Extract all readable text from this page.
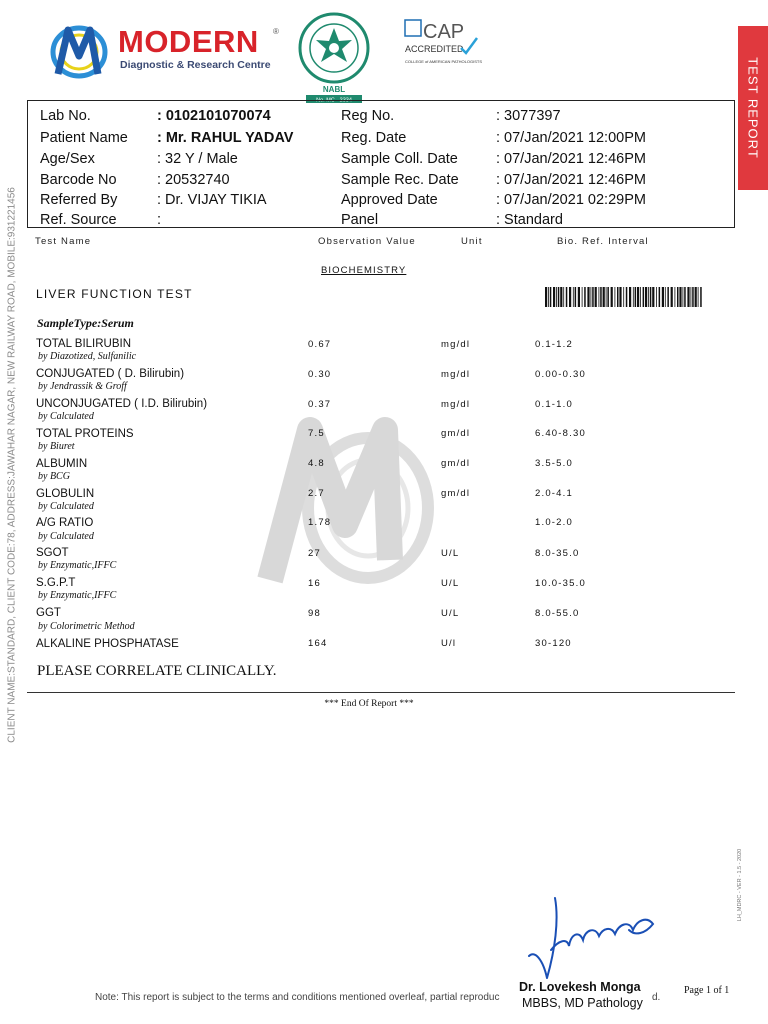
MODERN ®
Diagnostic & Research Centre
NABL
No. MC - 2334
CAP
ACCREDITED
COLLEGE of AMERICAN PATHOLOGISTS	TEST REPORT
CLIENT NAME:STANDARD, CLIENT CODE:78, ADDRESS:JAWAHAR NAGAR, NEW RAILWAY ROAD, MOBILE:931221456
LH_MDRC - VER - 1.5 - 2020
Lab No.	: 0102101070074
Patient Name : Mr. RAHUL YADAV
Age/Sex	: 32 Y / Male
Barcode No	: 20532740
Referred By	: Dr. VIJAY TIKIA
Ref. Source	:
Reg No.	: 3077397
Reg. Date	: 07/Jan/2021 12:00PM
Sample Coll. Date	: 07/Jan/2021 12:46PM
Sample Rec. Date	: 07/Jan/2021 12:46PM
Approved Date	: 07/Jan/2021 02:29PM
Panel	: Standard
Test Name	Observation Value	Unit	Bio. Ref. Interval
BIOCHEMISTRY
LIVER FUNCTION TEST
SampleType:Serum
TOTAL BILIRUBIN
by Diazotized, Sulfanilic
0.67	mg/dl	0.1-1.2
CONJUGATED ( D. Bilirubin)
by Jendrassik & Groff
0.30	mg/dl	0.00-0.30
UNCONJUGATED ( I.D. Bilirubin)
by Calculated
0.37	mg/dl	0.1-1.0
TOTAL PROTEINS
by Biuret
7.5	gm/dl	6.40-8.30
ALBUMIN
by BCG
4.8	gm/dl	3.5-5.0
GLOBULIN
by Calculated
2.7	gm/dl	2.0-4.1
A/G RATIO
by Calculated
1.78	1.0-2.0
SGOT
by Enzymatic,IFFC
27	U/L	8.0-35.0
S.G.P.T
by Enzymatic,IFFC
16	U/L	10.0-35.0
GGT
by Colorimetric Method
98	U/L	8.0-55.0
ALKALINE PHOSPHATASE	164	U/l	30-120
PLEASE CORRELATE CLINICALLY.
*** End Of Report ***
Note: This report is subject to the terms and conditions mentioned overleaf, partial reproduc	d.
Dr. Lovekesh Monga
MBBS, MD Pathology
Page 1 of 1
